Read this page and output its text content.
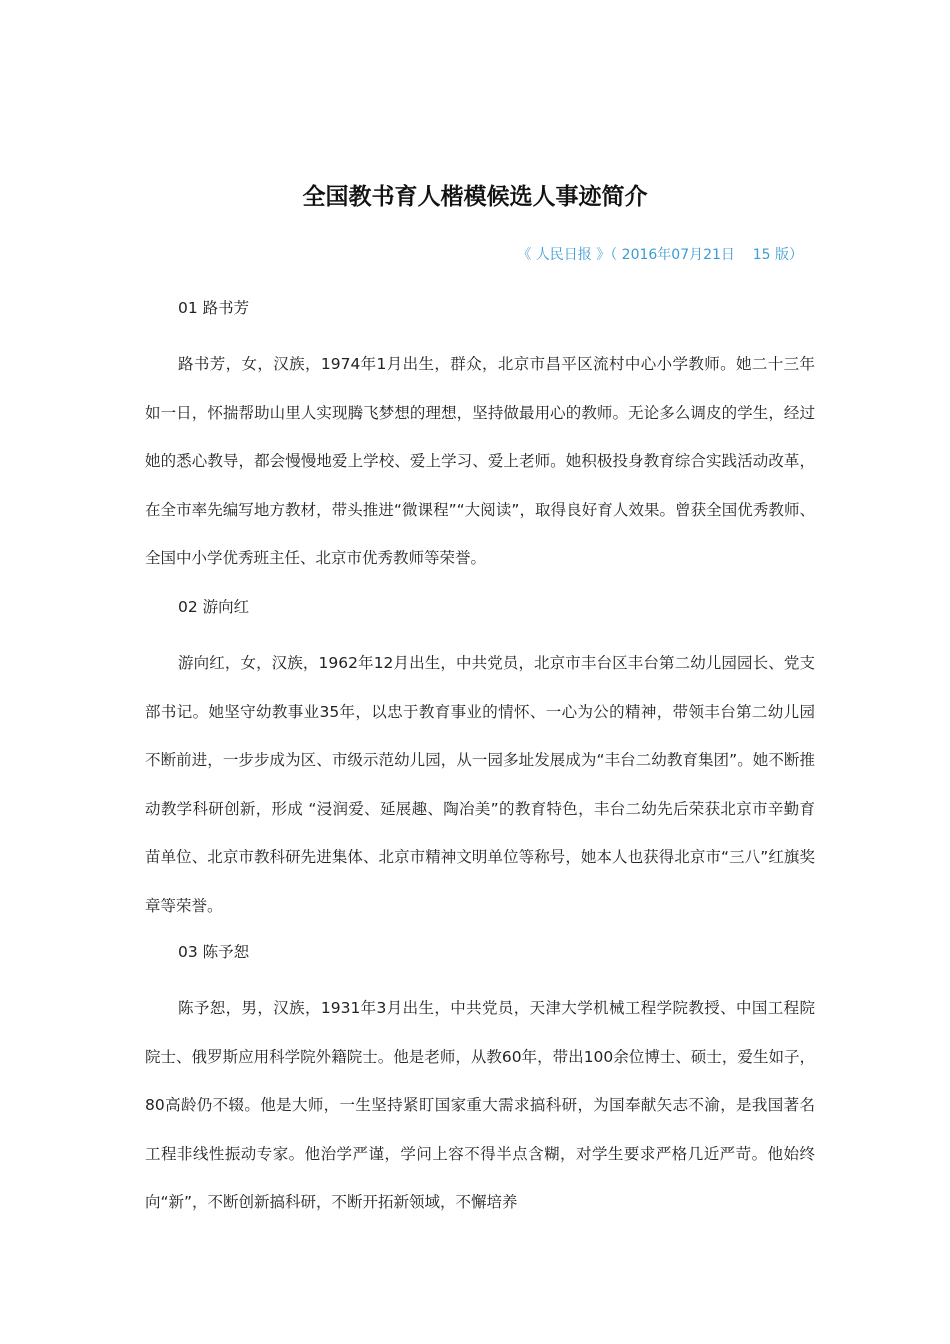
全国教书育人楷模候选人事迹简介
《 人民日报 》（ 2016年07月21日    15 版）

01 路书芳

路书芳，女，汉族，1974年1月出生，群众，北京市昌平区流村中心小学教师。她二十三年如一日，怀揣帮助山里人实现腾飞梦想的理想，坚持做最用心的教师。无论多么调皮的学生，经过她的悉心教导，都会慢慢地爱上学校、爱上学习、爱上老师。她积极投身教育综合实践活动改革，在全市率先编写地方教材，带头推进“微课程”“大阅读”，取得良好育人效果。曾获全国优秀教师、全国中小学优秀班主任、北京市优秀教师等荣誉。

02 游向红

游向红，女，汉族，1962年12月出生，中共党员，北京市丰台区丰台第二幼儿园园长、党支部书记。她坚守幼教事业35年，以忠于教育事业的情怀、一心为公的精神，带领丰台第二幼儿园不断前进，一步步成为区、市级示范幼儿园，从一园多址发展成为“丰台二幼教育集团”。她不断推动教学科研创新，形成 “浸润爱、延展趣、陶冶美”的教育特色，丰台二幼先后荣获北京市辛勤育苗单位、北京市教科研先进集体、北京市精神文明单位等称号，她本人也获得北京市“三八”红旗奖章等荣誉。

03 陈予恕

陈予恕，男，汉族，1931年3月出生，中共党员，天津大学机械工程学院教授、中国工程院院士、俄罗斯应用科学院外籍院士。他是老师，从教60年，带出100余位博士、硕士，爱生如子，80高龄仍不辍。他是大师，一生坚持紧盯国家重大需求搞科研，为国奉献矢志不渝，是我国著名工程非线性振动专家。他治学严谨，学问上容不得半点含糊，对学生要求严格几近严苛。他始终向“新”，不断创新搞科研，不断开拓新领域，不懈培养
